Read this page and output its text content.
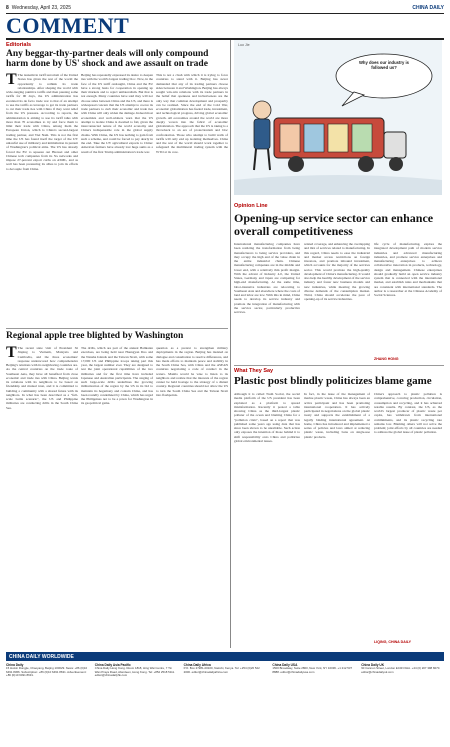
8 Wednesday, April 23, 2025	CHINA DAILY
COMMENT
Editorials
Any beggar-thy-partner deals will only compound harm done by US' shock and awe assault on trade
T The tsunami in tariff terrorism of the United States has given the rest of the world the opportunity to rethink its trade relationships. After shaping the world with wide-ranging punitive tariffs and then pausing some tariffs for 90 days, the US administration has escalated its de facto trade war to that of an attempt to use the tariffs as leverage to get its trade partners to cut their trade ties with China if they want relief from the US pressure. According to reports, the administration is aiming to use its tariff talks with more than 70 economies to try and force them to limit their trade with China, among them the European Union, which is China's second-largest trading partner, and Viet Nam. This is not the first time the US has found itself the target of the US' unlawful use of militancy and intimidation in pursuit of Washington's political aims. The US has already forced the EU to squeeze out Huawei and other Chinese tech companies from its 5G networks and impose 27-percent export curbs on ASML, and as well has been pressuring its allies to join its efforts to decouple from China.
Beijing has repeatedly expressed its desire to deepen ties with the world's largest trading bloc. Now, in the face of the US tariff onslaught, China and the EU have a strong basis for cooperation in opening up their markets and to reject unilateralism. But that is not enough. Many countries have said they will not choose sides between China and the US, and there is widespread concern that the US attempt to coerce its trade partners to curb their economic and trade ties with China will only widen the damage. Indeed most economists and well-wishers warn that the US attempt to isolate China is doomed to fail, given the interconnected nature of the world economy and China's indispensable role in the global supply chains. With China, the US has nothing to gain from such a scheme, and could be forced to pay dearly in the end. Take the US' agricultural exports to China: American farmers have already lost huge sums as a result of the first Trump administration's trade war.
This is not a clash with which it is trying to force countries to stand with it. Beijing has never demanded that any of its trading partners choose sides between it and Washington. Beijing has always sought win-win relations with its trade partners in the belief that openness and inclusiveness are the only way that common development and prosperity can be realized. Since the end of the Cold War, economic globalization has fueled trade, investment, and technological progress, driving global economic growth. All economies around the world are more deeply woven into the fabric of economic globalization. The approach that the US is taking is a throwback to an era of protectionism and bloc confrontation. Those who attempt to build walls of tariffs will only end up isolating themselves. China and the rest of the world should work together to safeguard the multilateral trading system with the WTO at its core.
Regional apple tree blighted by Washington
T The recent state visit of President Xi Jinping to Vietnam, Malaysia and Cambodia, and the three economies' response underscored how comprehensive Beijing's relations with its neighboring countries are. As the central countries on the trade route of Southeast Asia, they have all benefited from close economic and trade ties with China. Beijing wants its relations with its neighbors to be based on friendship and mutual trust, and it is committed to building a community with a shared future with its neighbors. In what has been described as a "full-scale battle scenario", the US and Philippine militaries are conducting drills in the South China Sea.
The drills, which are part of the annual Balikatan exercises, are being held near Huangyan Dao and the Nansha Islands and the Taiwan Strait, with some 17,000 US and Philippine troops taking part this year, the largest number ever. They are designed to test the joint operational capabilities of the two militaries and for the first time have included Japanese and Australian participants. The staging of such large-scale drills underlines the growing militarization of the region by the US in its bid to maintain its hegemony and contain China, and has been roundly condemned by China, which has urged the Philippines not to be a pawn for Washington in its geopolitical game.
question as a pretext to strengthen military deployments in the region. Beijing has insisted on dialogue and consultation to resolve differences, and has made efforts to maintain peace and stability in the South China Sea, with China and the ASEAN countries negotiating a code of conduct in the waters. Manila would be wise to listen to its neighbors and realize that the interests of the region cannot be held hostage to the strategy of a distant country. Regional countries should not allow the US to turn the South China Sea and the Taiwan Strait into flashpoints.
Why does our industry is followed us?
Luo Jie
Opinion Line
Opening-up service sector can enhance overall competitiveness
International manufacturing companies have been realizing the transformation from being manufacturers to being service providers, and they occupy the high end of the value chain in the entire industrial chain. Chinese manufacturing companies are in the middle and lower end, with a relatively thin profit margin. With the advent of Industry 4.0, the United States, Germany and Japan are competing for high-end manufacturing. At the same time, labor-intensive industries are relocating to Southeast Asia and elsewhere where the costs of land and labor are low. With this in mind, China needs to develop its service industry and promote the integration of manufacturing with the service sector, particularly productive services.
related coverage, and enhancing the overlapping and mix of services related to manufacturing. In this regard, China needs to ease the industrial and market access restrictions on foreign investors, and promote inbound investment, which accounts for the majority of the services sector. This would promote the high-quality development of China's manufacturing. It would also help the healthy development of the service industry and foster new business models and new industries, while meeting the growing diverse demands of the consumption market. Third, China should accelerate the pace of opening-up of its service industries.
life cycle of manufacturing, explore the integrated development path of modern service industries and advanced manufacturing industries, and promote service enterprises and manufacturing enterprises to achieve collaborative innovation in products, technology, design and management. Chinese enterprises should gradually build an open service industry system that is connected with the international market, and establish rules and mechanisms that are consistent with international standards. The author is a researcher at the Chinese Academy of Social Sciences.
ZHANG HONG
What They Say
Plastic post blindly politicizes blame game
Although it is called Truth Social, the social media platform of the US president has been exploited as a platform to spread misinformation. Recently it posted a table showing China as the third-largest plastic polluter of the ocean and blaming China for a "pollution crisis", based on a report that was published some years ago using data that has since been shown to be unreliable. Such action only exposes the intention of those behind it to shift responsibility onto China and politicize global environmental issues.
In fact, in the issue of the management of marine plastic waste, China has always been an active participant and has been promoting international cooperation. It has actively participated in negotiations on the global plastic treaty and supports the establishment of a legally binding international agreement. At home, China has introduced and implemented a series of policies and laws aimed at reducing plastic waste, including bans on single-use plastic products.
China's approach to plastic pollution is comprehensive, covering production, circulation, consumption and recycling, and it has achieved notable results. By contrast, the US, as the world's largest producer of plastic waste per capita, has withdrawn from international commitments, and its plastic recycling rate remains low. Blaming others will not solve the problem; joint efforts by all countries are needed to address the global issue of plastic pollution.
LIQING, CHINA DAILY
CHINA DAILY WORLDWIDE
China Daily
15 Huixin Dongjie, Chaoyang, Beijing 100029. News: +86 (0)10 6491 8366. Subscription: +86 (0)10 6491 8631. Advertisement: +86 (0)10 6491 8631.
China Daily Asia Pacific
China Daily Hong Kong. Room 1818, Hing Wai Centre, 7 Tin Wan Praya Road, Aberdeen, Hong Kong. Tel: +852 2518 5111. editor@chinadailyhk.com
China Daily Africa
P.O. Box 27281-00100, Nairobi, Kenya. Tel: +254 (0)20 522 2000. editor@chinadailyafrica.com
China Daily USA
1500 Broadway, Suite 2800, New York, NY 10036. +1 212 537 8888. editor@chinadailyusa.com
China Daily UK
90 Cannon Street, London EC4N 6HA. +44 (0) 207 398 8270. editor@chinadailyuk.com
